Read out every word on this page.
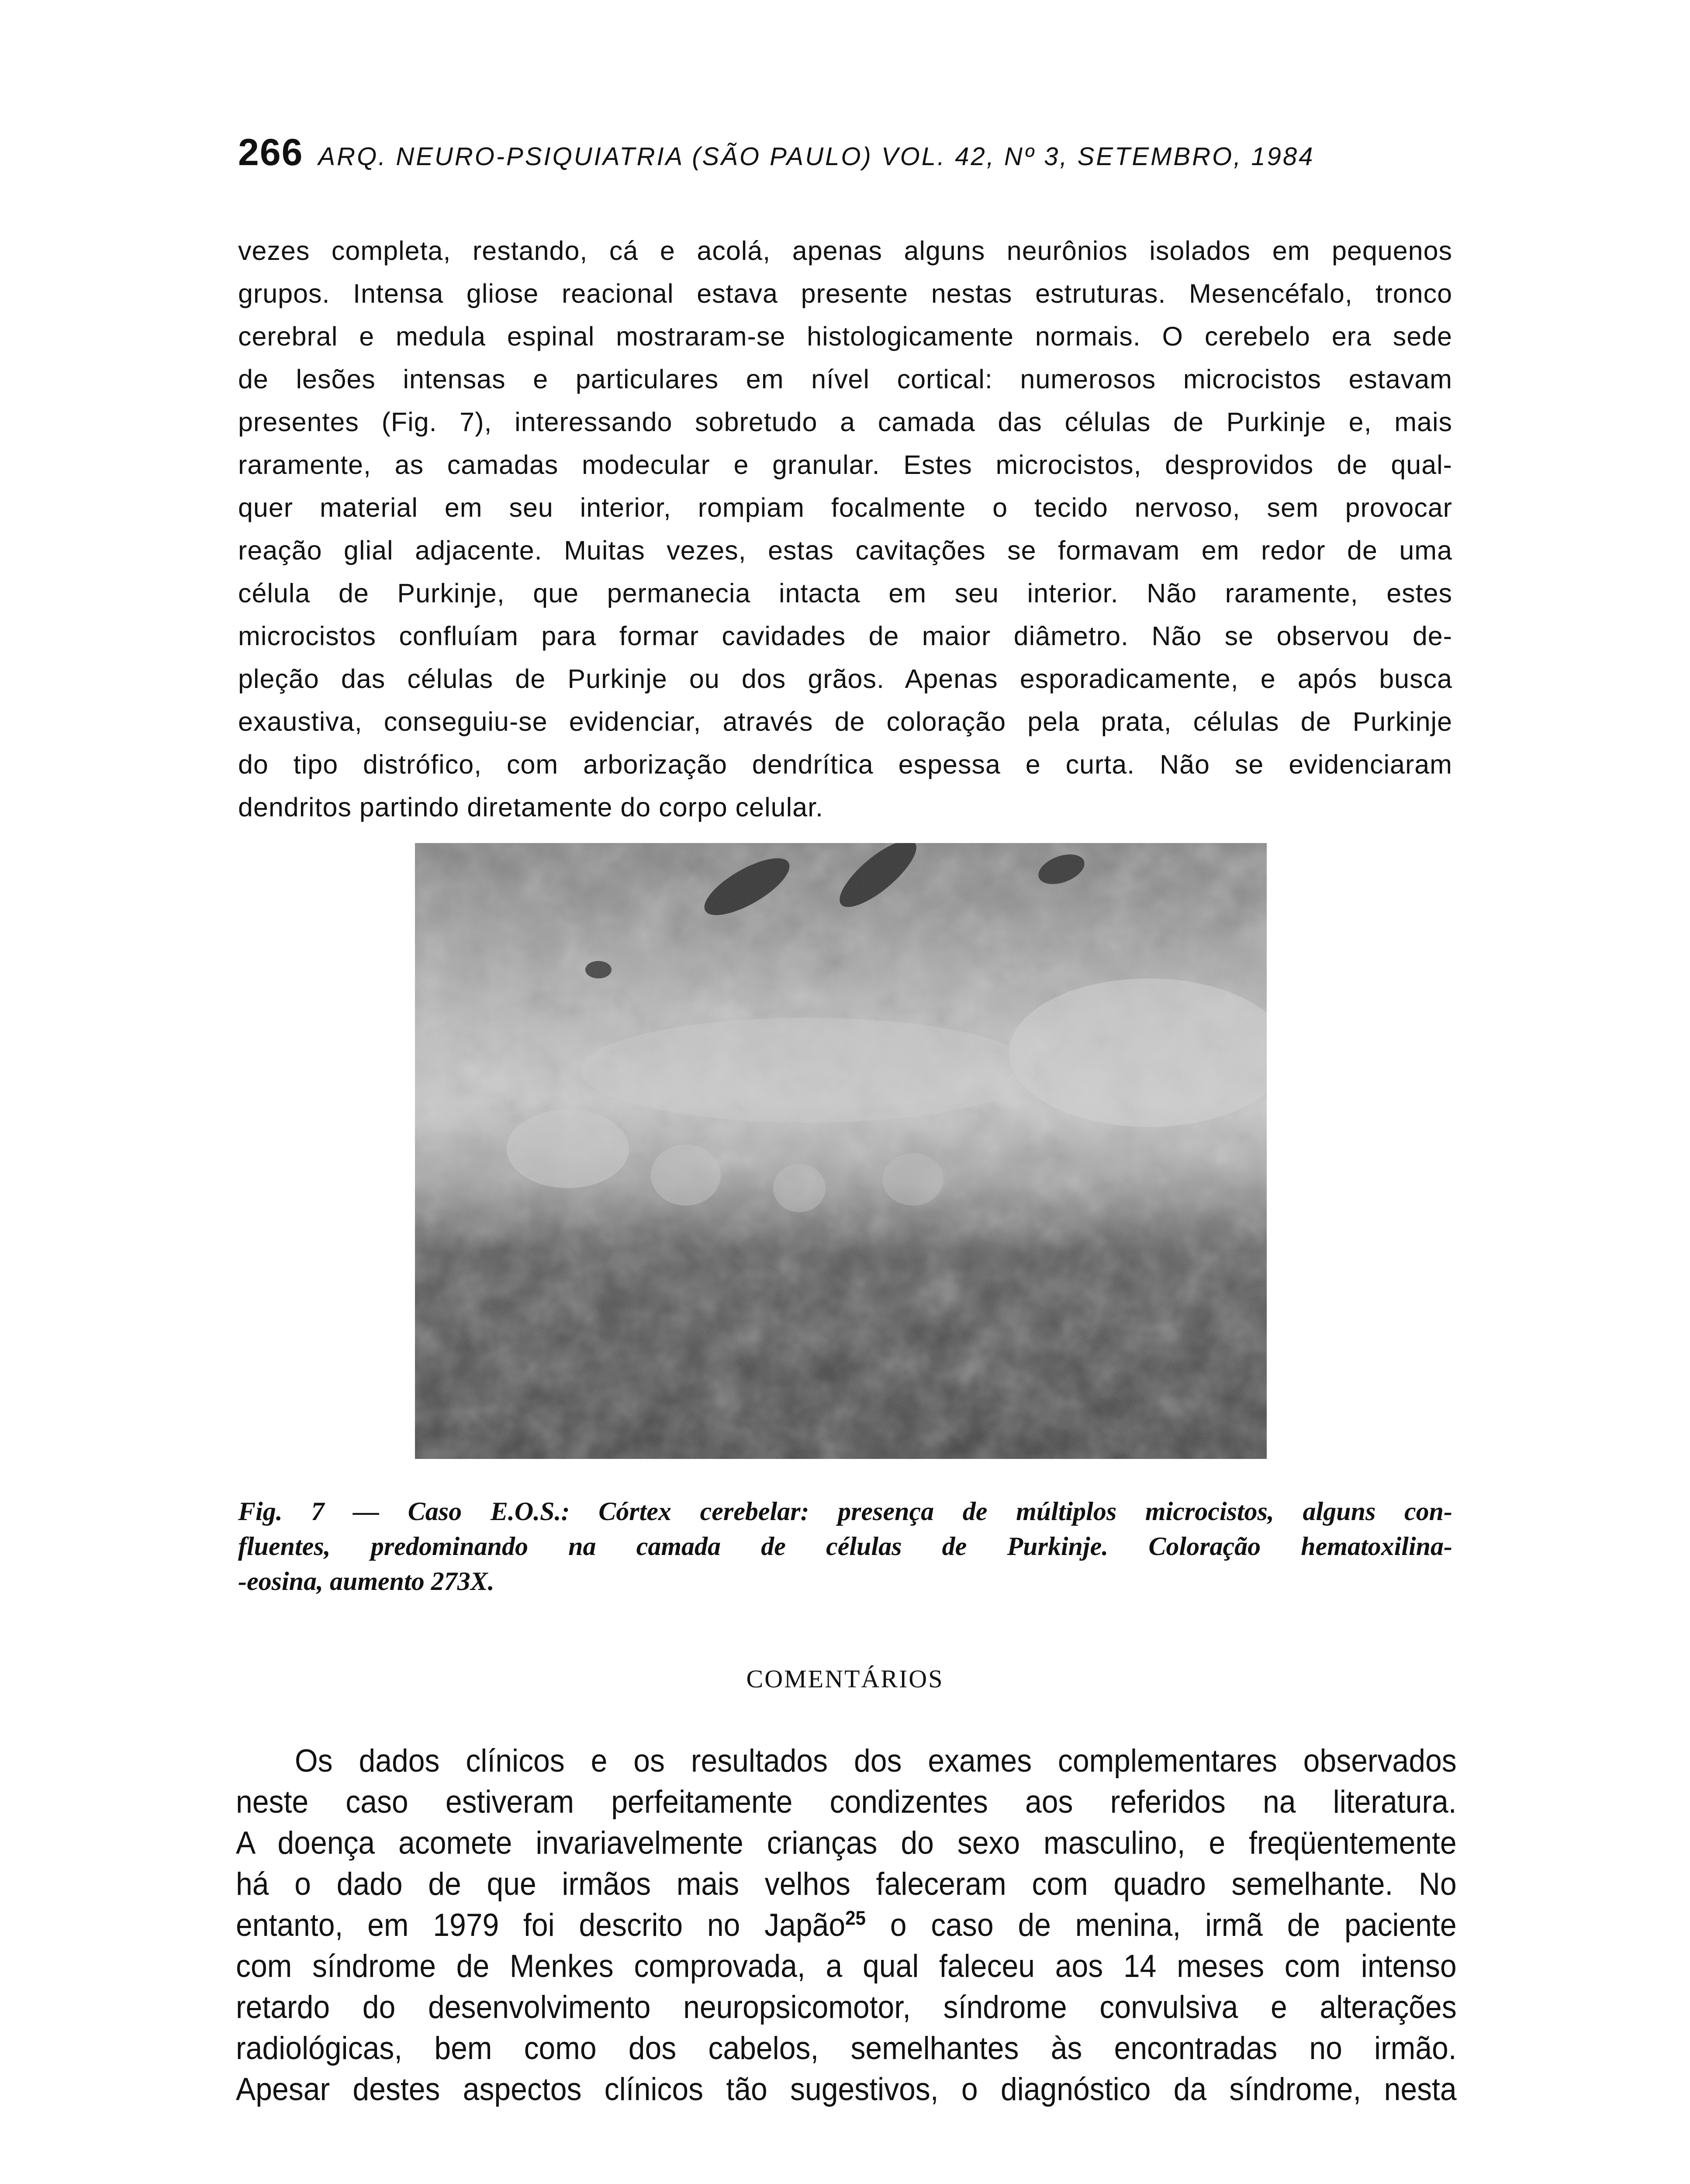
266 ARQ. NEURO-PSIQUIATRIA (SÃO PAULO) VOL. 42, Nº 3, SETEMBRO, 1984
vezes completa, restando, cá e acolá, apenas alguns neurônios isolados em pequenos
grupos. Intensa gliose reacional estava presente nestas estruturas. Mesencéfalo, tronco
cerebral e medula espinal mostraram-se histologicamente normais. O cerebelo era sede
de lesões intensas e particulares em nível cortical: numerosos microcistos estavam
presentes (Fig. 7), interessando sobretudo a camada das células de Purkinje e, mais
raramente, as camadas modecular e granular. Estes microcistos, desprovidos de qual-
quer material em seu interior, rompiam focalmente o tecido nervoso, sem provocar
reação glial adjacente. Muitas vezes, estas cavitações se formavam em redor de uma
célula de Purkinje, que permanecia intacta em seu interior. Não raramente, estes
microcistos confluíam para formar cavidades de maior diâmetro. Não se observou de-
pleção das células de Purkinje ou dos grãos. Apenas esporadicamente, e após busca
exaustiva, conseguiu-se evidenciar, através de coloração pela prata, células de Purkinje
do tipo distrófico, com arborização dendrítica espessa e curta. Não se evidenciaram
dendritos partindo diretamente do corpo celular.
Fig. 7 — Caso E.O.S.: Córtex cerebelar: presença de múltiplos microcistos, alguns con-
fluentes, predominando na camada de células de Purkinje. Coloração hematoxilina-
-eosina, aumento 273X.
COMENTÁRIOS
Os dados clínicos e os resultados dos exames complementares observados
neste caso estiveram perfeitamente condizentes aos referidos na literatura.
A doença acomete invariavelmente crianças do sexo masculino, e freqüentemente
há o dado de que irmãos mais velhos faleceram com quadro semelhante. No
entanto, em 1979 foi descrito no Japão$^{25}$ o caso de menina, irmã de paciente
com síndrome de Menkes comprovada, a qual faleceu aos 14 meses com intenso
retardo do desenvolvimento neuropsicomotor, síndrome convulsiva e alterações
radiológicas, bem como dos cabelos, semelhantes às encontradas no irmão.
Apesar destes aspectos clínicos tão sugestivos, o diagnóstico da síndrome, nesta
